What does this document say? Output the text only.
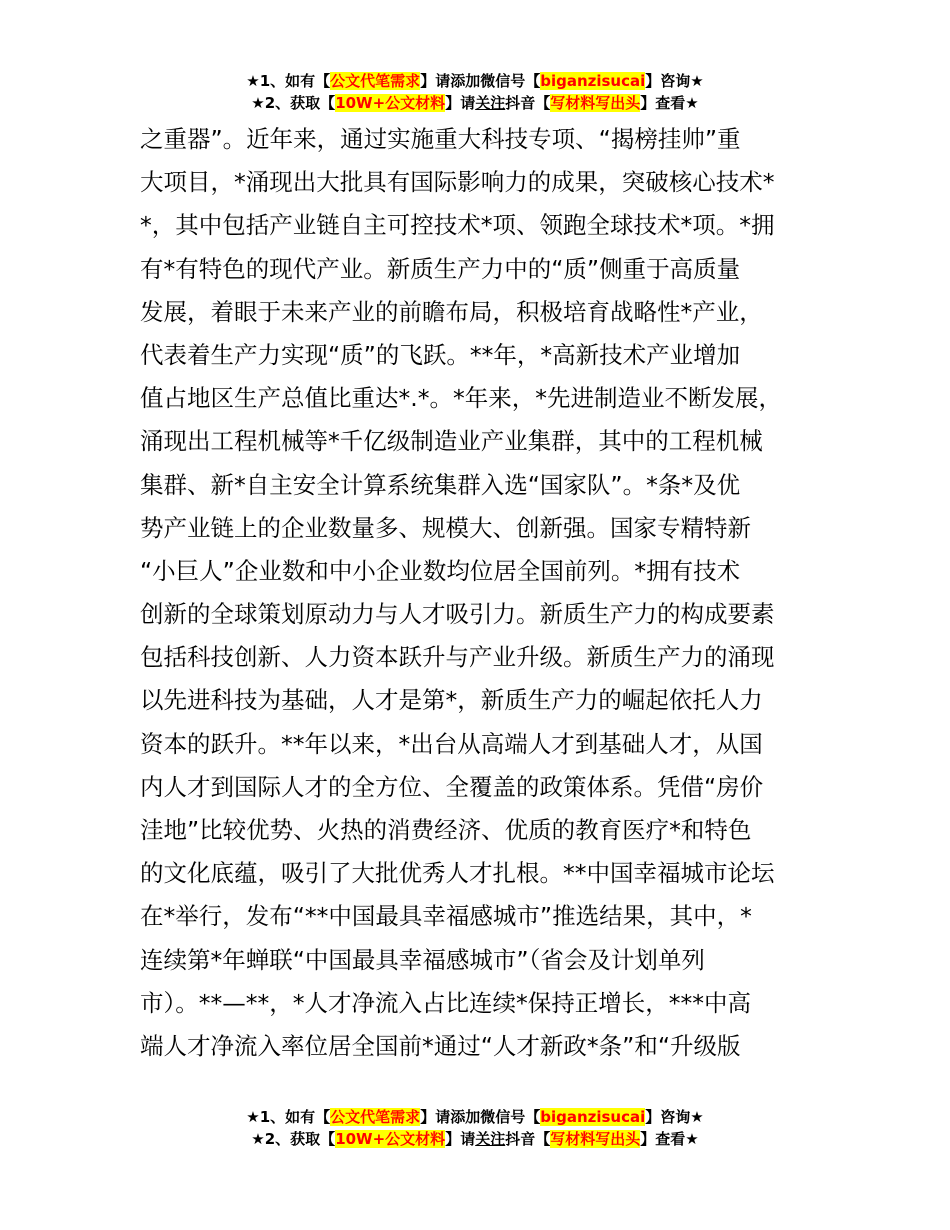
★1、如有【公文代笔需求】请添加微信号【biganzisucai】咨询★
★2、获取【10W+公文材料】请关注抖音【写材料写出头】查看★
之重器”。近年来，通过实施重大科技专项、“揭榜挂帅”重
大项目，*涌现出大批具有国际影响力的成果，突破核心技术*
*，其中包括产业链自主可控技术*项、领跑全球技术*项。*拥
有*有特色的现代产业。新质生产力中的“质”侧重于高质量
发展，着眼于未来产业的前瞻布局，积极培育战略性*产业，
代表着生产力实现“质”的飞跃。**年，*高新技术产业增加
值占地区生产总值比重达*.*。*年来，*先进制造业不断发展，
涌现出工程机械等*千亿级制造业产业集群，其中的工程机械
集群、新*自主安全计算系统集群入选“国家队”。*条*及优
势产业链上的企业数量多、规模大、创新强。国家专精特新
“小巨人”企业数和中小企业数均位居全国前列。*拥有技术
创新的全球策划原动力与人才吸引力。新质生产力的构成要素
包括科技创新、人力资本跃升与产业升级。新质生产力的涌现
以先进科技为基础，人才是第*，新质生产力的崛起依托人力
资本的跃升。**年以来，*出台从高端人才到基础人才，从国
内人才到国际人才的全方位、全覆盖的政策体系。凭借“房价
洼地”比较优势、火热的消费经济、优质的教育医疗*和特色
的文化底蕴，吸引了大批优秀人才扎根。**中国幸福城市论坛
在*举行，发布“**中国最具幸福感城市”推选结果，其中，*
连续第*年蝉联“中国最具幸福感城市”（省会及计划单列
市）。**—**，*人才净流入占比连续*保持正增长，***中高
端人才净流入率位居全国前*通过“人才新政*条”和“升级版
★1、如有【公文代笔需求】请添加微信号【biganzisucai】咨询★
★2、获取【10W+公文材料】请关注抖音【写材料写出头】查看★
